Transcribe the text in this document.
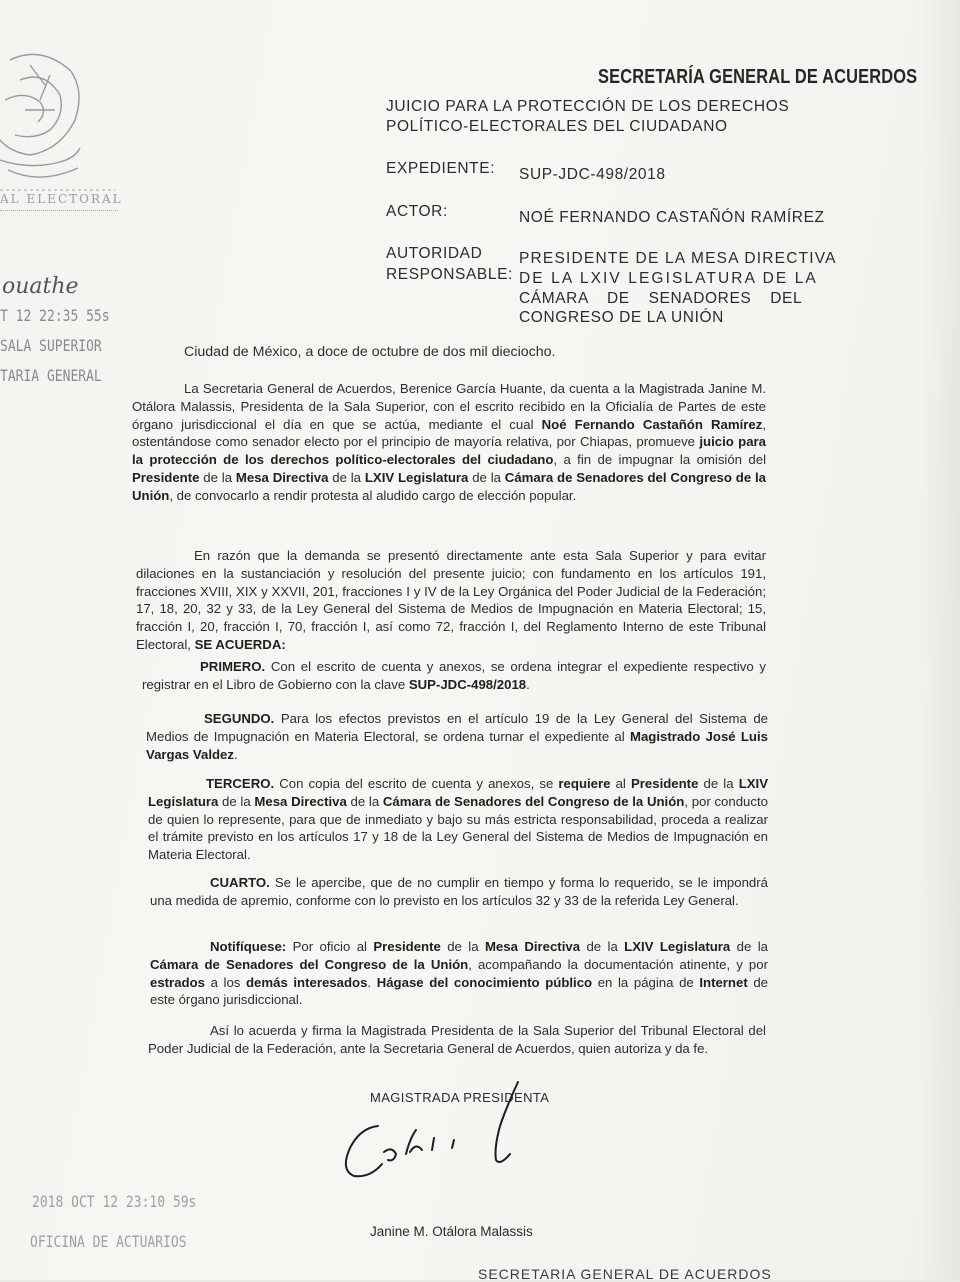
AL ELECTORAL
SECRETARÍA GENERAL DE ACUERDOS
ouathe
T 12 22:35 55s
SALA SUPERIOR
TARIA GENERAL
JUICIO PARA LA PROTECCIÓN DE LOS DERECHOS
POLÍTICO-ELECTORALES DEL CIUDADANO
EXPEDIENTE: SUP-JDC-498/2018
ACTOR:	NOÉ FERNANDO CASTAÑÓN RAMÍREZ
AUTORIDAD
RESPONSABLE:
PRESIDENTE DE LA MESA DIRECTIVA
DE LA LXIV LEGISLATURA DE LA
CÁMARA DE SENADORES DEL
CONGRESO DE LA UNIÓN
Ciudad de México, a doce de octubre de dos mil dieciocho.

La Secretaria General de Acuerdos, Berenice García Huante, da cuenta a la Magistrada Janine M. Otálora Malassis, Presidenta de la Sala Superior, con el escrito recibido en la Oficialía de Partes de este órgano jurisdiccional el día en que se actúa, mediante el cual Noé Fernando Castañón Ramírez, ostentándose como senador electo por el principio de mayoría relativa, por Chiapas, promueve juicio para la protección de los derechos político-electorales del ciudadano, a fin de impugnar la omisión del Presidente de la Mesa Directiva de la LXIV Legislatura de la Cámara de Senadores del Congreso de la Unión, de convocarlo a rendir protesta al aludido cargo de elección popular.

En razón que la demanda se presentó directamente ante esta Sala Superior y para evitar dilaciones en la sustanciación y resolución del presente juicio; con fundamento en los artículos 191, fracciones XVIII, XIX y XXVII, 201, fracciones I y IV de la Ley Orgánica del Poder Judicial de la Federación; 17, 18, 20, 32 y 33, de la Ley General del Sistema de Medios de Impugnación en Materia Electoral; 15, fracción I, 20, fracción I, 70, fracción I, así como 72, fracción I, del Reglamento Interno de este Tribunal Electoral, SE ACUERDA:

PRIMERO. Con el escrito de cuenta y anexos, se ordena integrar el expediente respectivo y registrar en el Libro de Gobierno con la clave SUP-JDC-498/2018.

SEGUNDO. Para los efectos previstos en el artículo 19 de la Ley General del Sistema de Medios de Impugnación en Materia Electoral, se ordena turnar el expediente al Magistrado José Luis Vargas Valdez.

TERCERO. Con copia del escrito de cuenta y anexos, se requiere al Presidente de la LXIV Legislatura de la Mesa Directiva de la Cámara de Senadores del Congreso de la Unión, por conducto de quien lo represente, para que de inmediato y bajo su más estricta responsabilidad, proceda a realizar el trámite previsto en los artículos 17 y 18 de la Ley General del Sistema de Medios de Impugnación en Materia Electoral.

CUARTO. Se le apercibe, que de no cumplir en tiempo y forma lo requerido, se le impondrá una medida de apremio, conforme con lo previsto en los artículos 32 y 33 de la referida Ley General.

Notifíquese: Por oficio al Presidente de la Mesa Directiva de la LXIV Legislatura de la Cámara de Senadores del Congreso de la Unión, acompañando la documentación atinente, y por estrados a los demás interesados. Hágase del conocimiento público en la página de Internet de este órgano jurisdiccional.

Así lo acuerda y firma la Magistrada Presidenta de la Sala Superior del Tribunal Electoral del Poder Judicial de la Federación, ante la Secretaria General de Acuerdos, quien autoriza y da fe.

MAGISTRADA PRESIDENTA
Janine M. Otálora Malassis
2018 OCT 12 23:10 59s
OFICINA DE ACTUARIOS
SECRETARIA GENERAL DE ACUERDOS
